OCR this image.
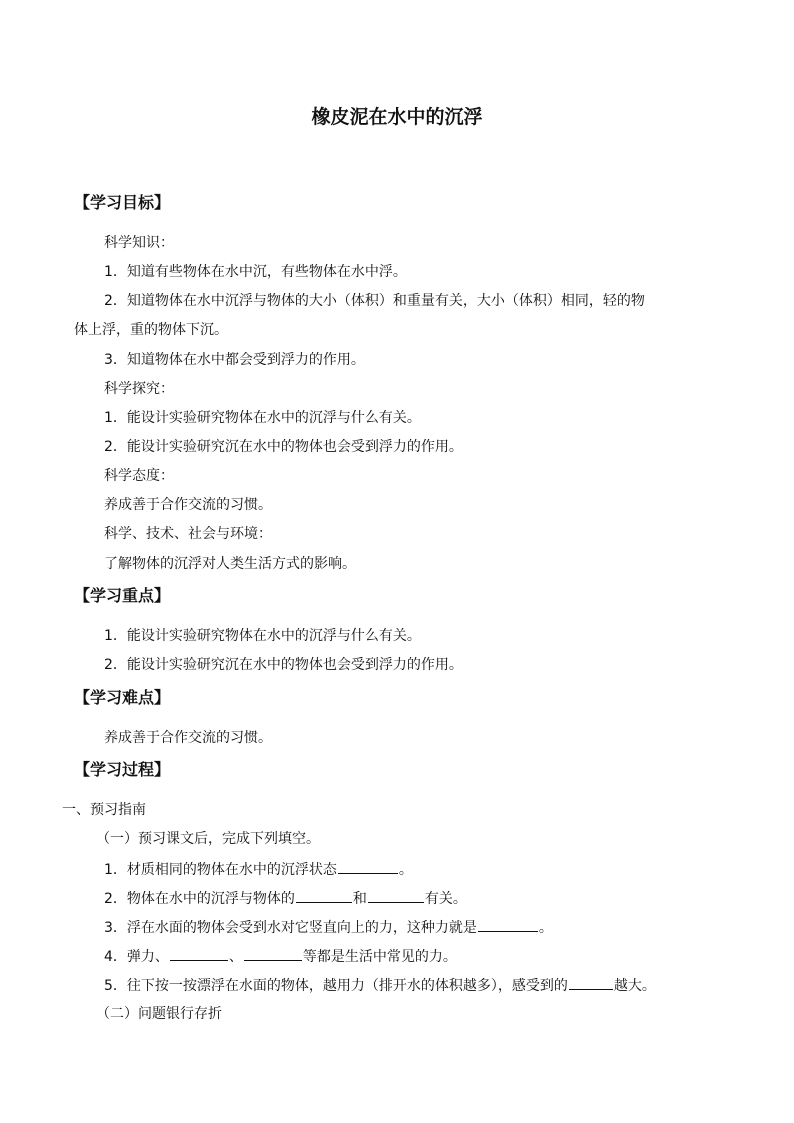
橡皮泥在水中的沉浮
【学习目标】
科学知识：
1．知道有些物体在水中沉，有些物体在水中浮。
2．知道物体在水中沉浮与物体的大小（体积）和重量有关，大小（体积）相同，轻的物
体上浮，重的物体下沉。
3．知道物体在水中都会受到浮力的作用。
科学探究：
1．能设计实验研究物体在水中的沉浮与什么有关。
2．能设计实验研究沉在水中的物体也会受到浮力的作用。
科学态度：
养成善于合作交流的习惯。
科学、技术、社会与环境：
了解物体的沉浮对人类生活方式的影响。
【学习重点】
1．能设计实验研究物体在水中的沉浮与什么有关。
2．能设计实验研究沉在水中的物体也会受到浮力的作用。
【学习难点】
养成善于合作交流的习惯。
【学习过程】
一、预习指南
（一）预习课文后，完成下列填空。
1．材质相同的物体在水中的沉浮状态	。
2．物体在水中的沉浮与物体的	和	有关。
3．浮在水面的物体会受到水对它竖直向上的力，这种力就是	。
4．弹力、	、	等都是生活中常见的力。
5．往下按一按漂浮在水面的物体，越用力（排开水的体积越多），感受到的	越大。
（二）问题银行存折
